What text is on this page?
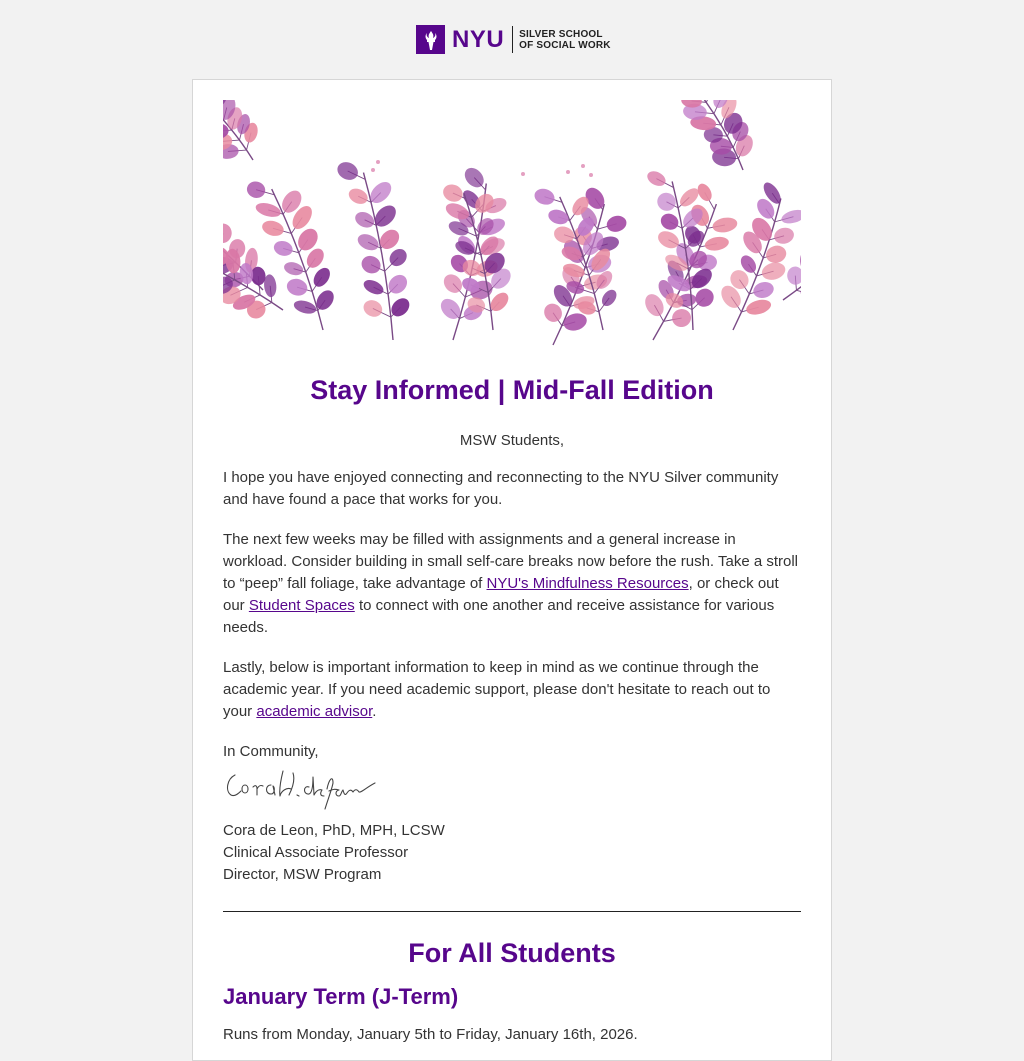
NYU SILVER SCHOOL
OF SOCIAL WORK
Stay Informed | Mid-Fall Edition
MSW Students,

I hope you have enjoyed connecting and reconnecting to the NYU Silver community and have found a pace that works for you.

The next few weeks may be filled with assignments and a general increase in workload. Consider building in small self-care breaks now before the rush. Take a stroll to “peep” fall foliage, take advantage of NYU's Mindfulness Resources, or check out our Student Spaces to connect with one another and receive assistance for various needs.

Lastly, below is important information to keep in mind as we continue through the academic year. If you need academic support, please don't hesitate to reach out to your academic advisor.

In Community,
Cora de Leon, PhD, MPH, LCSW
Clinical Associate Professor
Director, MSW Program
For All Students
January Term (J-Term)

Runs from Monday, January 5th to Friday, January 16th, 2026.
